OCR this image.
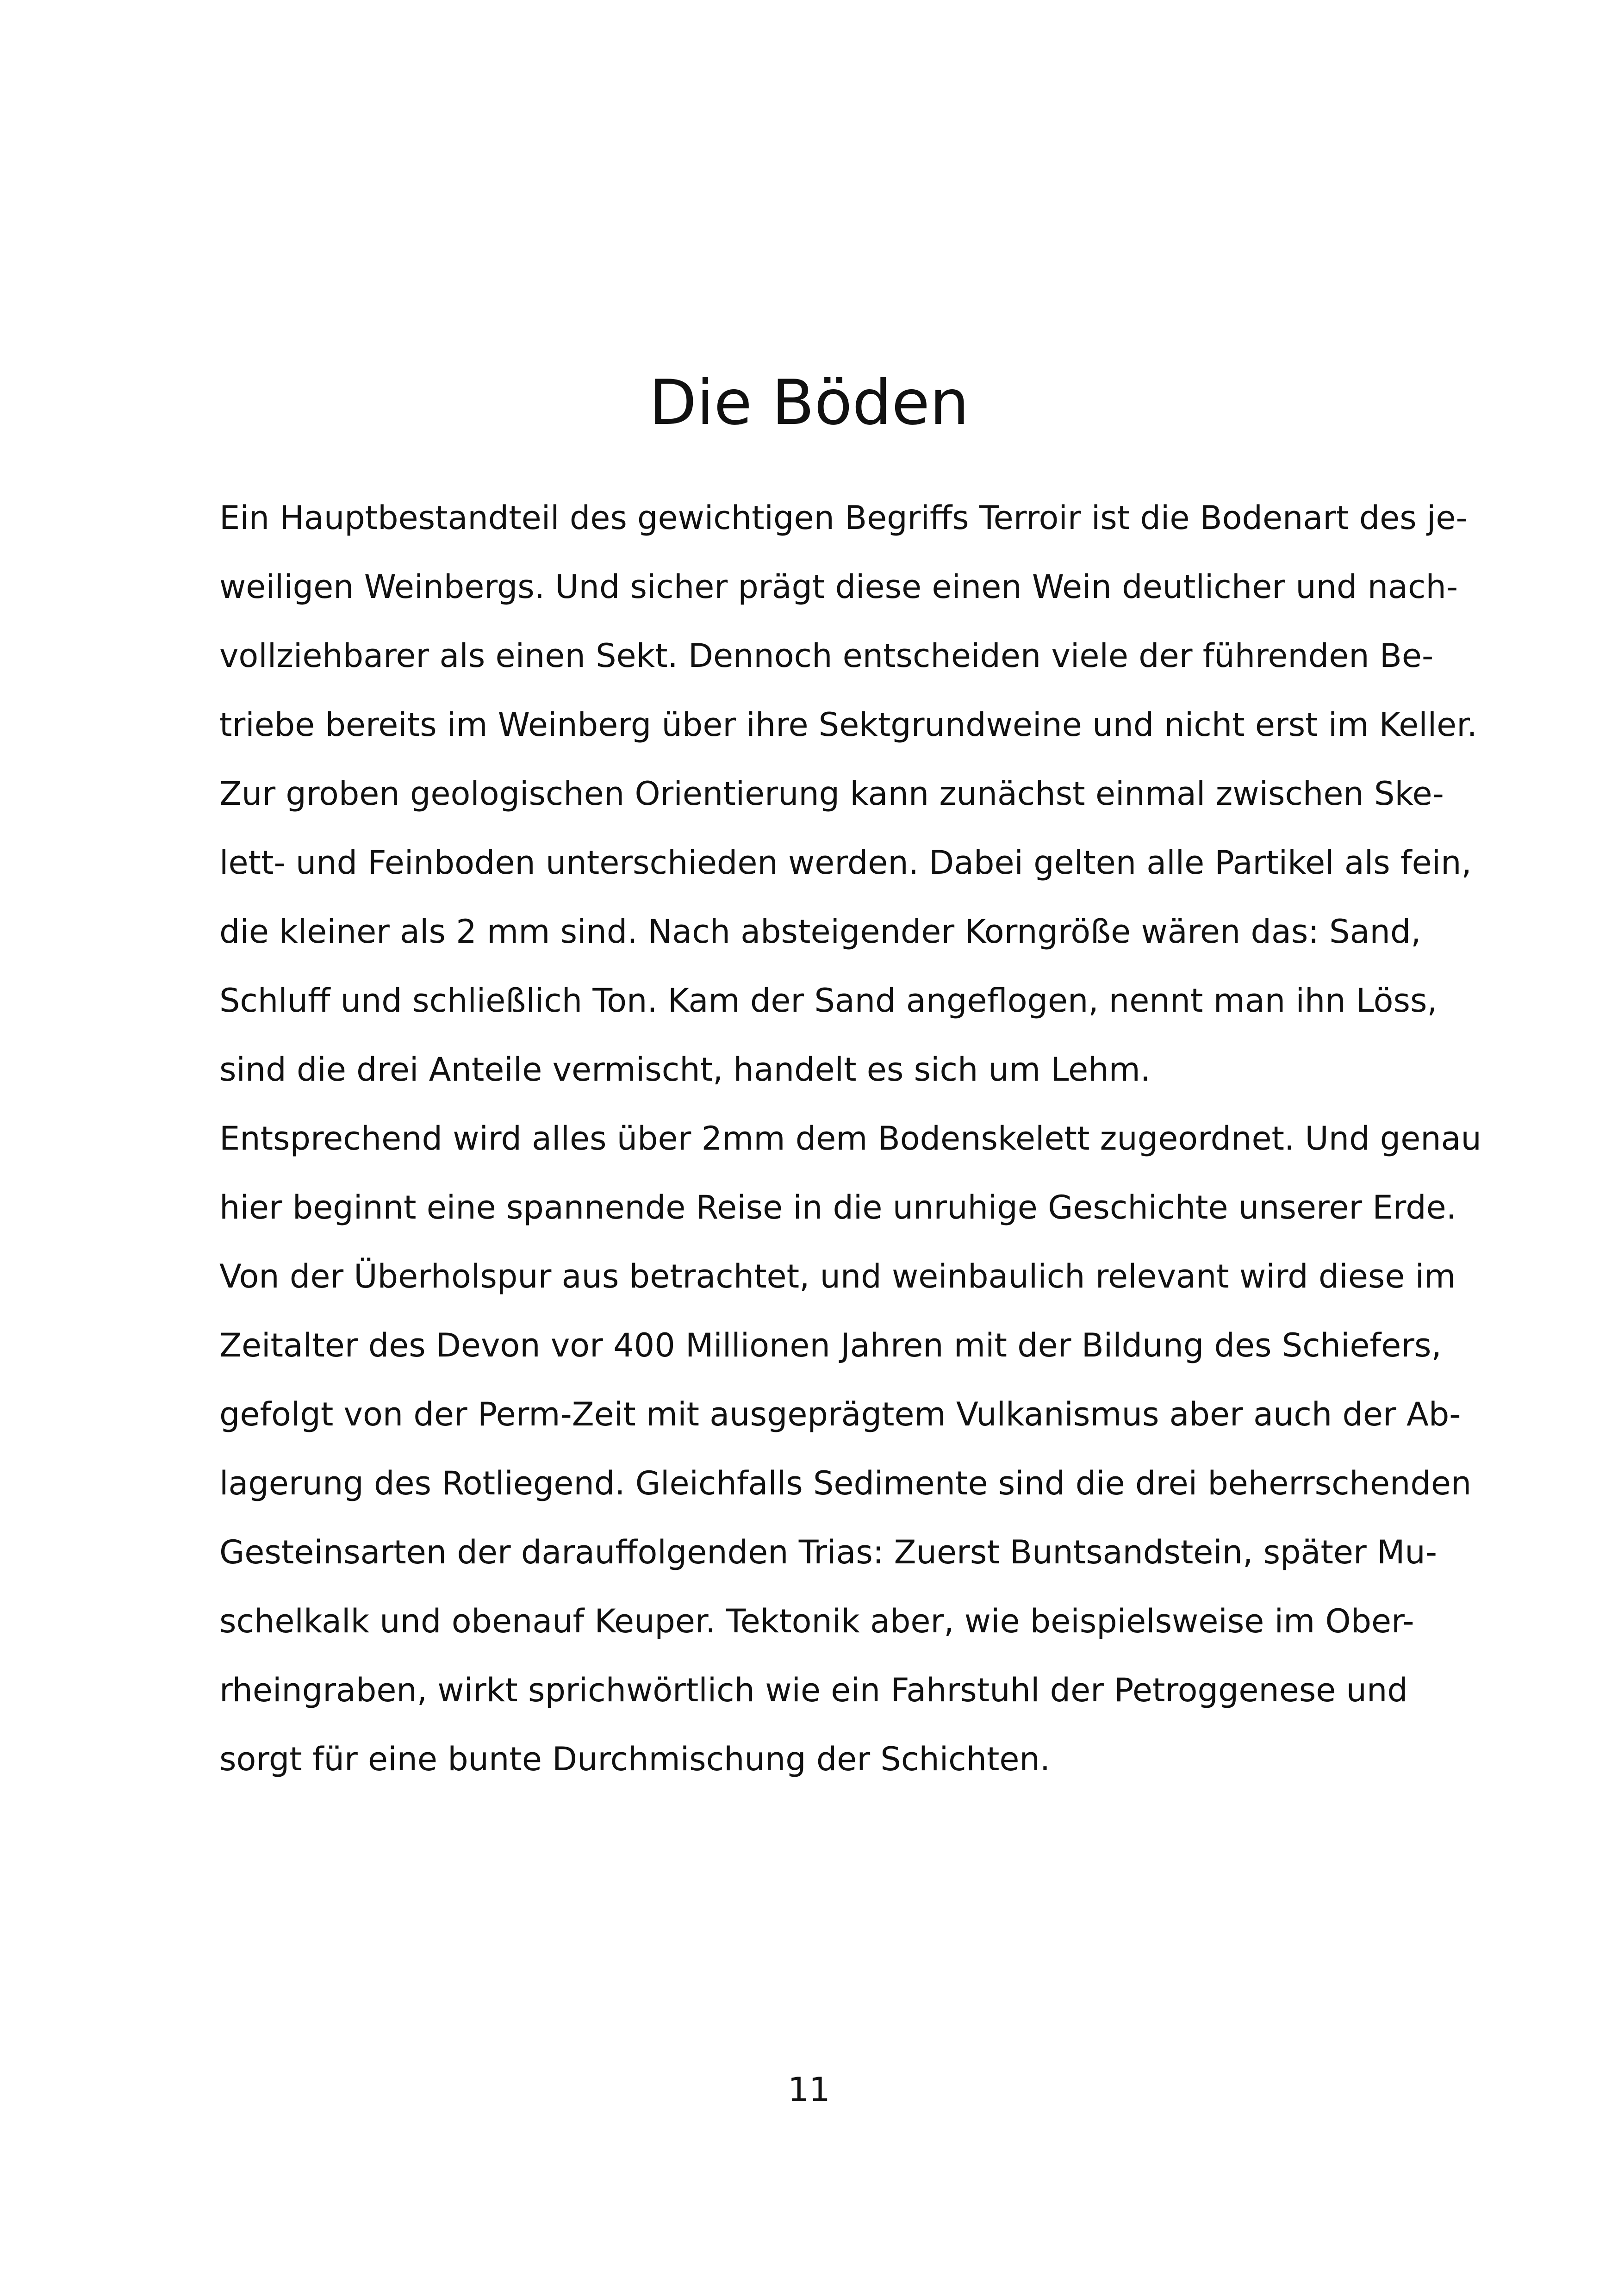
Die Böden
Ein Hauptbestandteil des gewichtigen Begriffs Terroir ist die Bodenart des je-
weiligen Weinbergs. Und sicher prägt diese einen Wein deutlicher und nach-
vollziehbarer als einen Sekt. Dennoch entscheiden viele der führenden Be-
triebe bereits im Weinberg über ihre Sektgrundweine und nicht erst im Keller.
Zur groben geologischen Orientierung kann zunächst einmal zwischen Ske-
lett- und Feinboden unterschieden werden. Dabei gelten alle Partikel als fein,
die kleiner als 2 mm sind. Nach absteigender Korngröße wären das: Sand,
Schluff und schließlich Ton. Kam der Sand angeflogen, nennt man ihn Löss,
sind die drei Anteile vermischt, handelt es sich um Lehm.
Entsprechend wird alles über 2mm dem Bodenskelett zugeordnet. Und genau
hier beginnt eine spannende Reise in die unruhige Geschichte unserer Erde.
Von der Überholspur aus betrachtet, und weinbaulich relevant wird diese im
Zeitalter des Devon vor 400 Millionen Jahren mit der Bildung des Schiefers,
gefolgt von der Perm-Zeit mit ausgeprägtem Vulkanismus aber auch der Ab-
lagerung des Rotliegend. Gleichfalls Sedimente sind die drei beherrschenden
Gesteinsarten der darauffolgenden Trias: Zuerst Buntsandstein, später Mu-
schelkalk und obenauf Keuper. Tektonik aber, wie beispielsweise im Ober-
rheingraben, wirkt sprichwörtlich wie ein Fahrstuhl der Petroggenese und
sorgt für eine bunte Durchmischung der Schichten.
11
